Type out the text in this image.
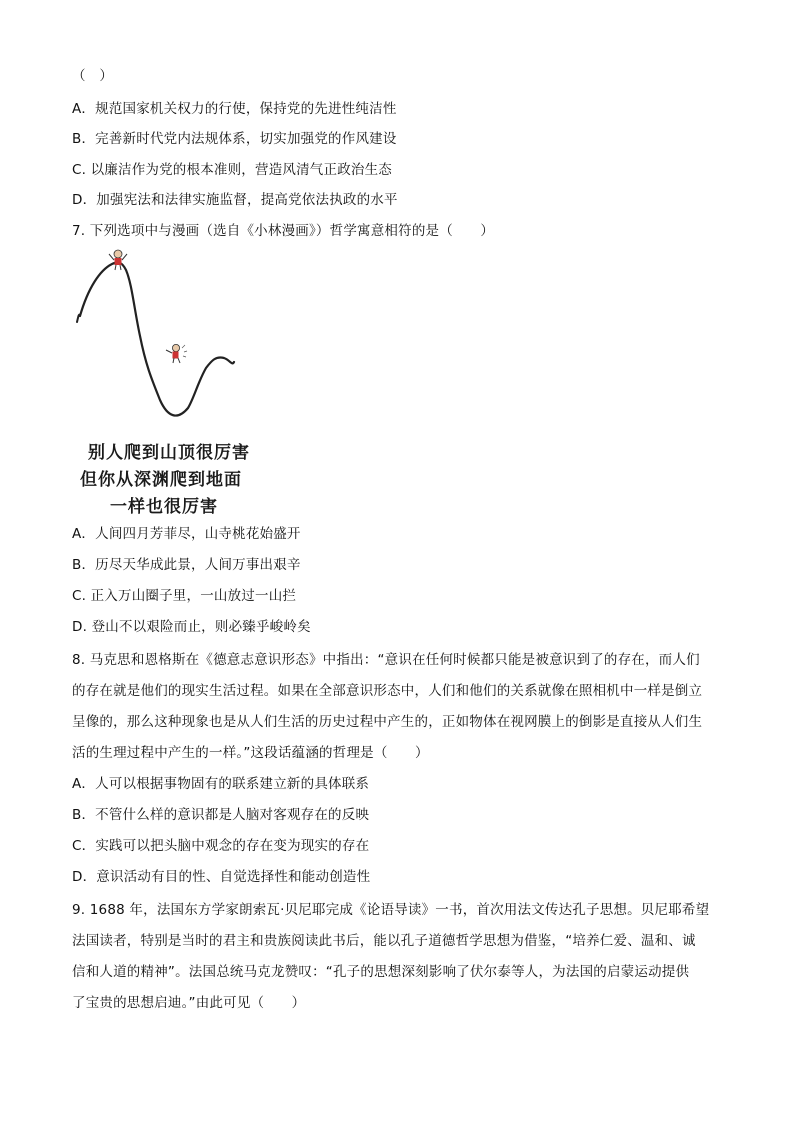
（　）
A．规范国家机关权力的行使，保持党的先进性纯洁性
B．完善新时代党内法规体系，切实加强党的作风建设
C. 以廉洁作为党的根本准则，营造风清气正政治生态
D．加强宪法和法律实施监督，提高党依法执政的水平
7. 下列选项中与漫画（选自《小林漫画》）哲学寓意相符的是（　　）
别人爬到山顶很厉害
但你从深渊爬到地面
一样也很厉害
A．人间四月芳菲尽，山寺桃花始盛开
B．历尽天华成此景，人间万事出艰辛
C. 正入万山圈子里，一山放过一山拦
D. 登山不以艰险而止，则必臻乎峻岭矣
8. 马克思和恩格斯在《德意志意识形态》中指出：“意识在任何时候都只能是被意识到了的存在，而人们
的存在就是他们的现实生活过程。如果在全部意识形态中，人们和他们的关系就像在照相机中一样是倒立
呈像的，那么这种现象也是从人们生活的历史过程中产生的，正如物体在视网膜上的倒影是直接从人们生
活的生理过程中产生的一样。”这段话蕴涵的哲理是（　　）
A．人可以根据事物固有的联系建立新的具体联系
B．不管什么样的意识都是人脑对客观存在的反映
C．实践可以把头脑中观念的存在变为现实的存在
D．意识活动有目的性、自觉选择性和能动创造性
9. 1688 年，法国东方学家朗索瓦·贝尼耶完成《论语导读》一书，首次用法文传达孔子思想。贝尼耶希望
法国读者，特别是当时的君主和贵族阅读此书后，能以孔子道德哲学思想为借鉴，“培养仁爱、温和、诚
信和人道的精神”。法国总统马克龙赞叹：“孔子的思想深刻影响了伏尔泰等人，为法国的启蒙运动提供
了宝贵的思想启迪。”由此可见（　　）
